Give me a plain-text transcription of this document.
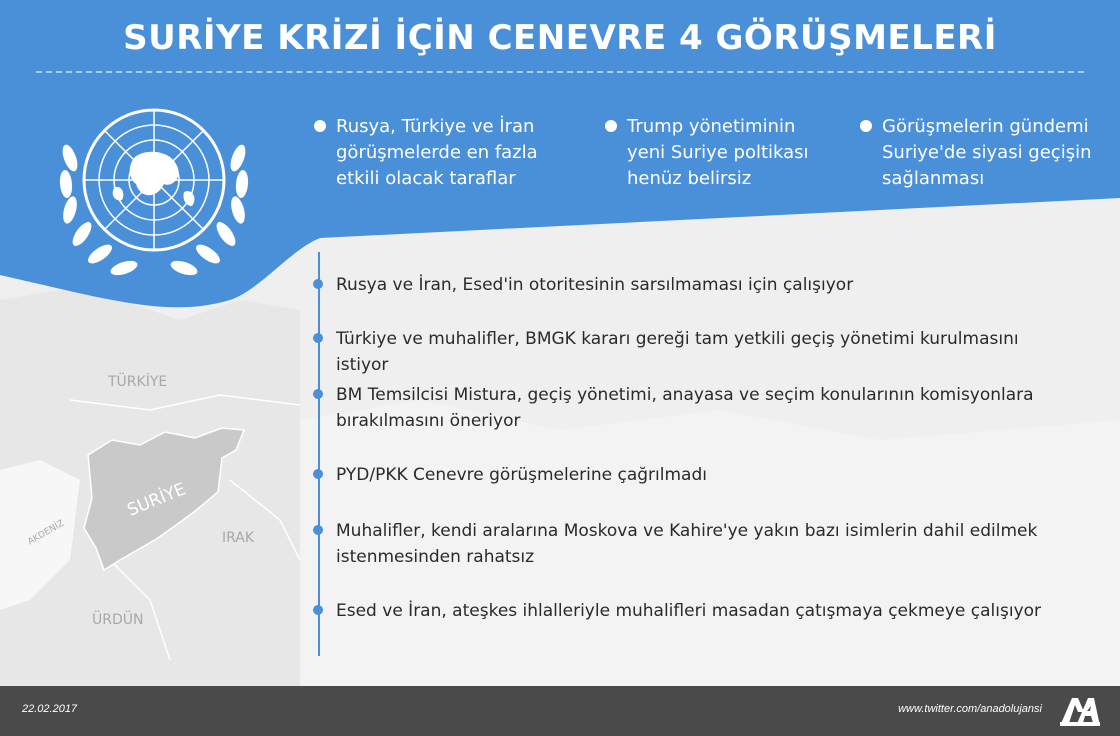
SURİYE KRİZİ İÇİN CENEVRE 4 GÖRÜŞMELERİ
Rusya, Türkiye ve İran görüşmelerde en fazla etkili olacak taraflar
Trump yönetiminin yeni Suriye poltikası henüz belirsiz
Görüşmelerin gündemi Suriye'de siyasi geçişin sağlanması
TÜRKİYE
SURİYE
IRAK
ÜRDÜN
AKDENİZ
Rusya ve İran, Esed'in otoritesinin sarsılmaması için çalışıyor
Türkiye ve muhalifler, BMGK kararı gereği tam yetkili geçiş yönetimi kurulmasını istiyor
BM Temsilcisi Mistura, geçiş yönetimi, anayasa ve seçim konularının komisyonlara bırakılmasını öneriyor
PYD/PKK Cenevre görüşmelerine çağrılmadı
Muhalifler, kendi aralarına Moskova ve Kahire'ye yakın bazı isimlerin dahil edilmek istenmesinden rahatsız
Esed ve İran, ateşkes ihlalleriyle muhalifleri masadan çatışmaya çekmeye çalışıyor
22.02.2017	www.twitter.com/anadolujansi
